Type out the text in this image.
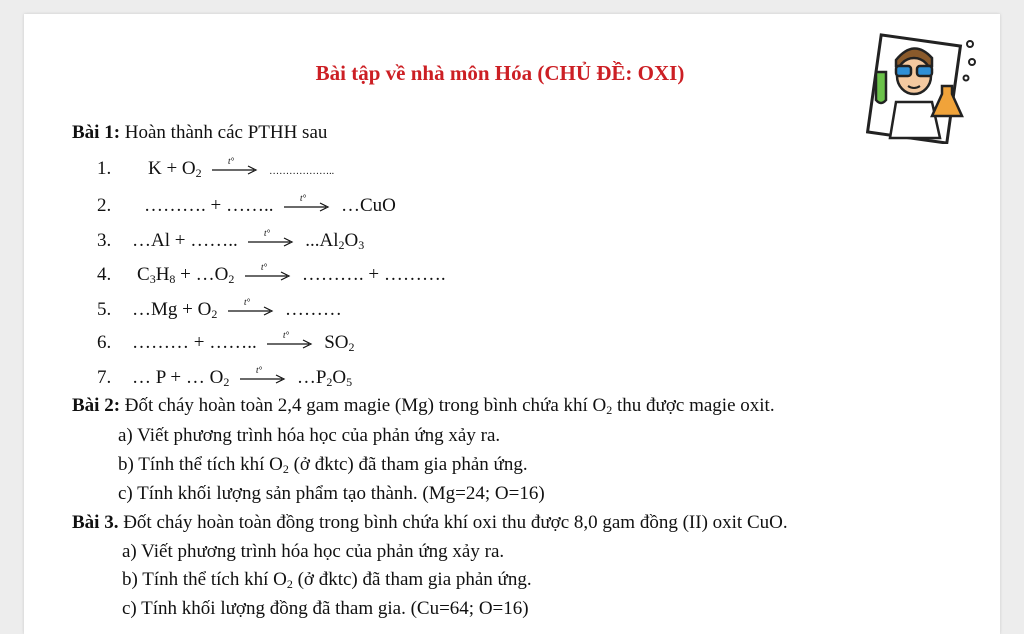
Bài tập về nhà môn Hóa (CHỦ ĐỀ: OXI)
Bài 1: Hoàn thành các PTHH sau
1. $K + O_2$
t°
………………..
2. ………. + ……..	t° …CuO
3. …Al + ……..	t° $...Al_2O_3$
4. $C_3H_8$ + $\dots O_2$
t° ………. + ……….
5. …Mg + $O_2$
t° ………
6. ……… + ……..	t° $SO_2$
7. … P + … $O_2$
t° $\dots P_2O_5$
Bài 2: Đốt cháy hoàn toàn 2,4 gam magie (Mg) trong bình chứa khí $O_2$ thu được magie oxit.
a) Viết phương trình hóa học của phản ứng xảy ra.
b) Tính thể tích khí $O_2$ (ở đktc) đã tham gia phản ứng.
c) Tính khối lượng sản phẩm tạo thành. (Mg=24; O=16)
Bài 3. Đốt cháy hoàn toàn đồng trong bình chứa khí oxi thu được 8,0 gam đồng (II) oxit CuO.
a) Viết phương trình hóa học của phản ứng xảy ra.
b) Tính thể tích khí $O_2$ (ở đktc) đã tham gia phản ứng.
c) Tính khối lượng đồng đã tham gia. (Cu=64; O=16)
